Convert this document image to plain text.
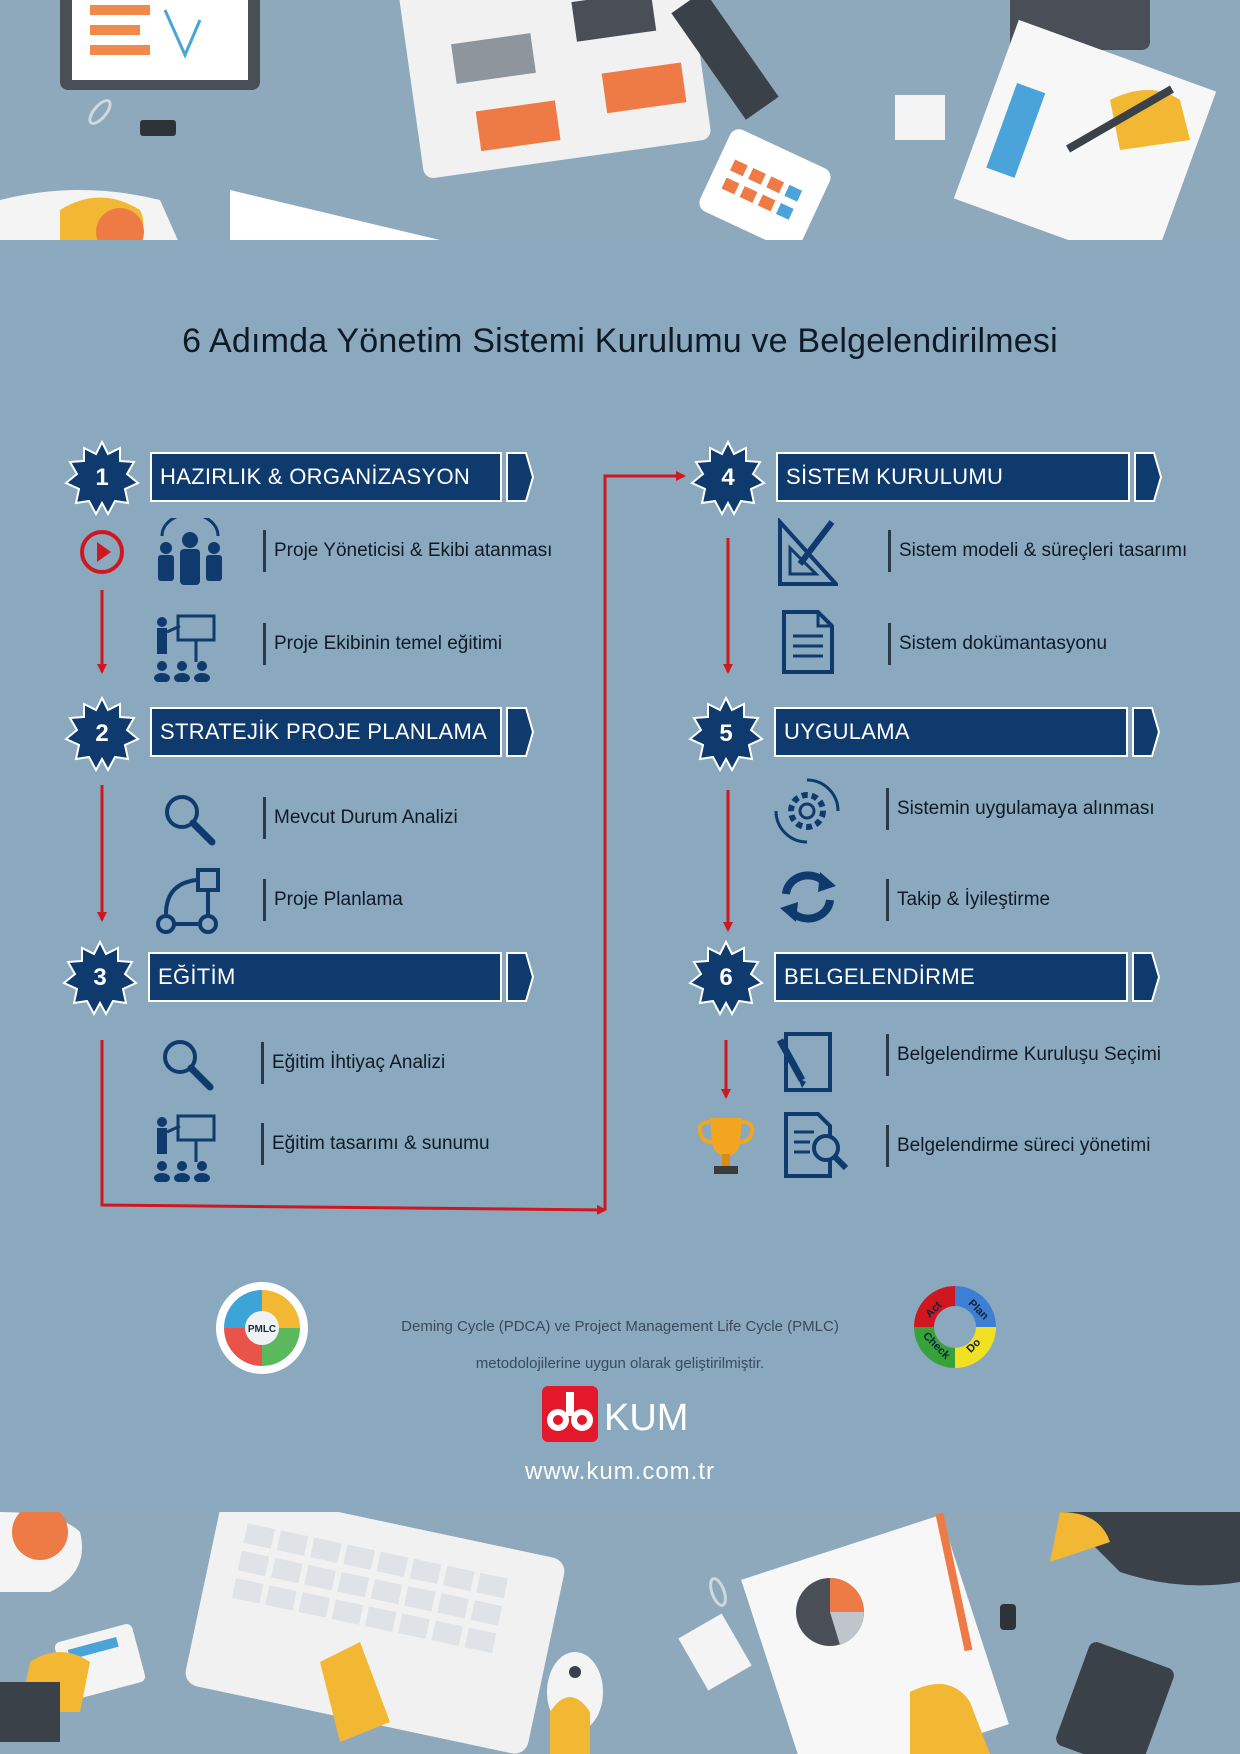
6 Adımda Yönetim Sistemi Kurulumu ve Belgelendirilmesi
1	HAZIRLIK & ORGANİZASYON
Proje Yöneticisi & Ekibi atanması
Proje Ekibinin temel eğitimi
2	STRATEJİK PROJE PLANLAMA
Mevcut Durum Analizi
Proje Planlama
3	EĞİTİM
Eğitim İhtiyaç Analizi
Eğitim tasarımı & sunumu
4	SİSTEM KURULUMU
Sistem modeli & süreçleri tasarımı
Sistem dokümantasyonu
5	UYGULAMA
Sistemin uygulamaya alınması
Takip & İyileştirme
6	BELGELENDİRME
Belgelendirme Kuruluşu Seçimi
Belgelendirme süreci yönetimi
PMLC	Deming Cycle (PDCA) ve Project Management Life Cycle (PMLC)
metodolojilerine uygun olarak geliştirilmiştir.
Plan
Do
Check
Act
KUM
www.kum.com.tr
